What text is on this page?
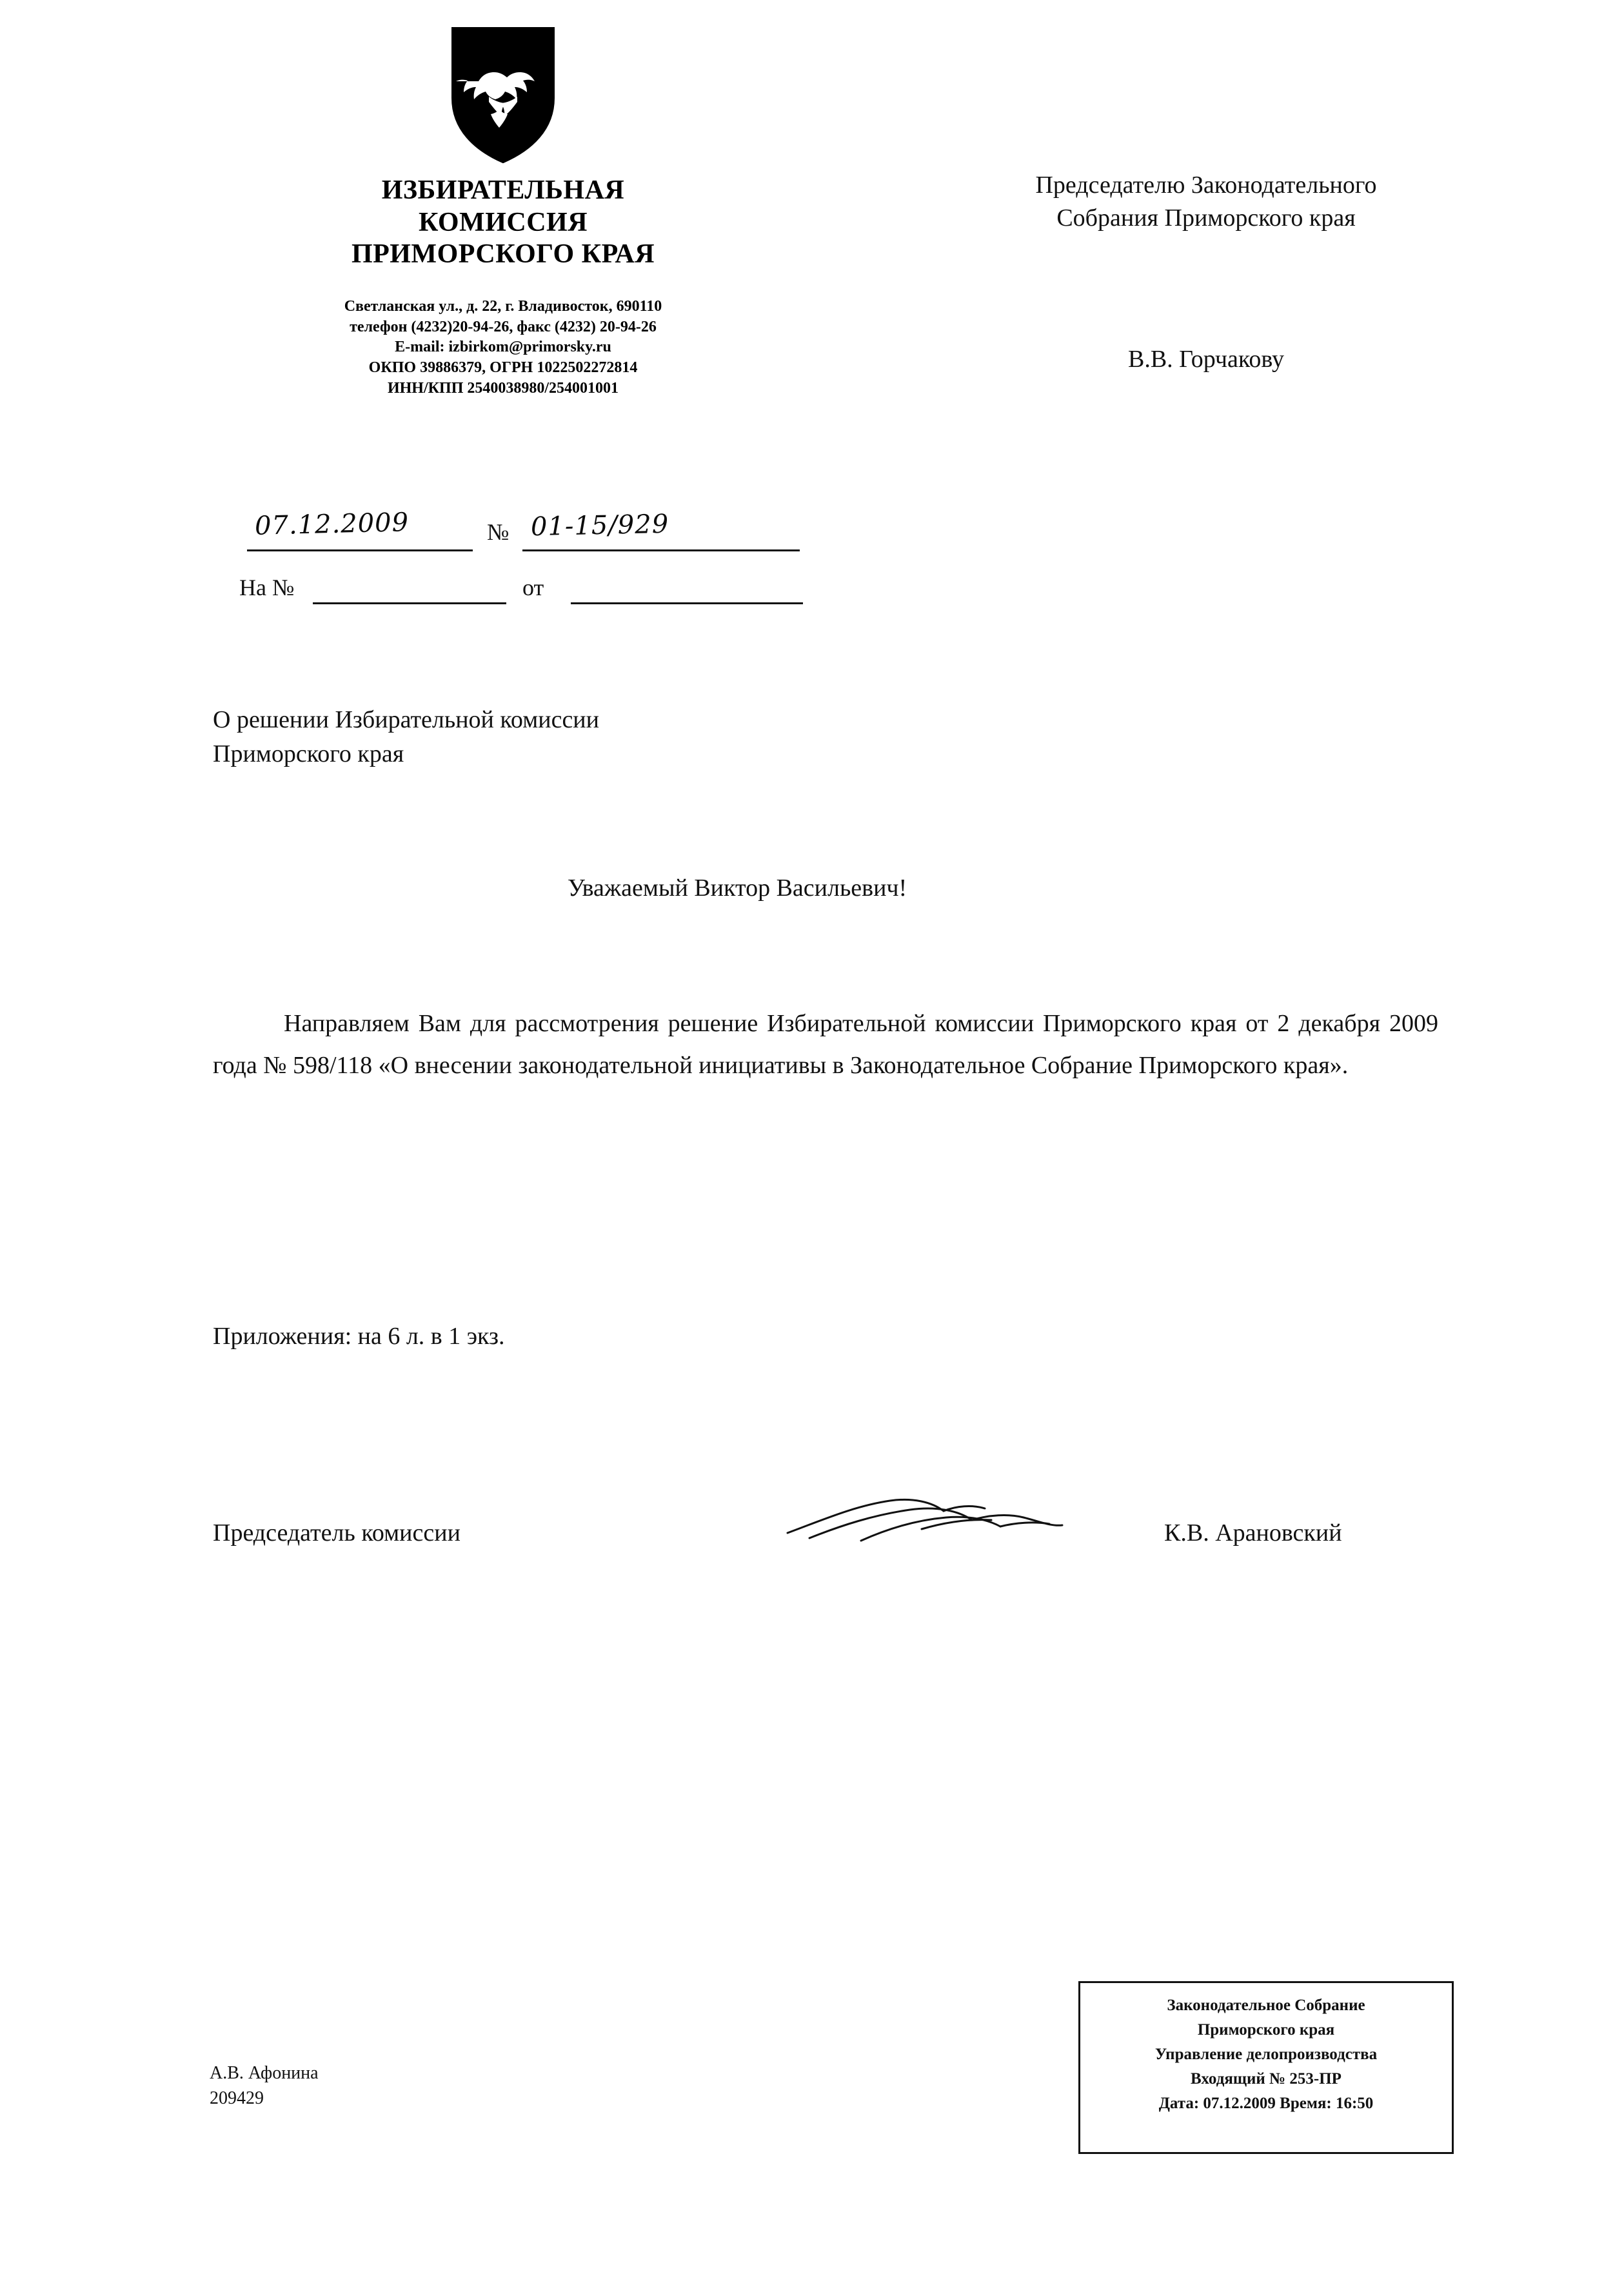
ИЗБИРАТЕЛЬНАЯ
КОМИССИЯ
ПРИМОРСКОГО КРАЯ
Светланская ул., д. 22, г. Владивосток, 690110
телефон (4232)20-94-26, факс (4232) 20-94-26
E-mail: izbirkom@primorsky.ru
ОКПО 39886379, ОГРН 1022502272814
ИНН/КПП 2540038980/254001001
Председателю Законодательного
Собрания Приморского края
В.В. Горчакову
07.12.2009	№ 01-15/929
На №	от
О решении Избирательной комиссии
Приморского края
Уважаемый Виктор Васильевич!
Направляем Вам для рассмотрения решение Избирательной комиссии Приморского края от 2 декабря 2009 года № 598/118 «О внесении законодательной инициативы в Законодательное Собрание Приморского края».
Приложения: на 6 л. в 1 экз.
Председатель комиссии	К.В. Арановский
А.В. Афонина
209429
Законодательное Собрание
Приморского края
Управление делопроизводства
Входящий № 253-ПР
Дата: 07.12.2009 Время: 16:50
